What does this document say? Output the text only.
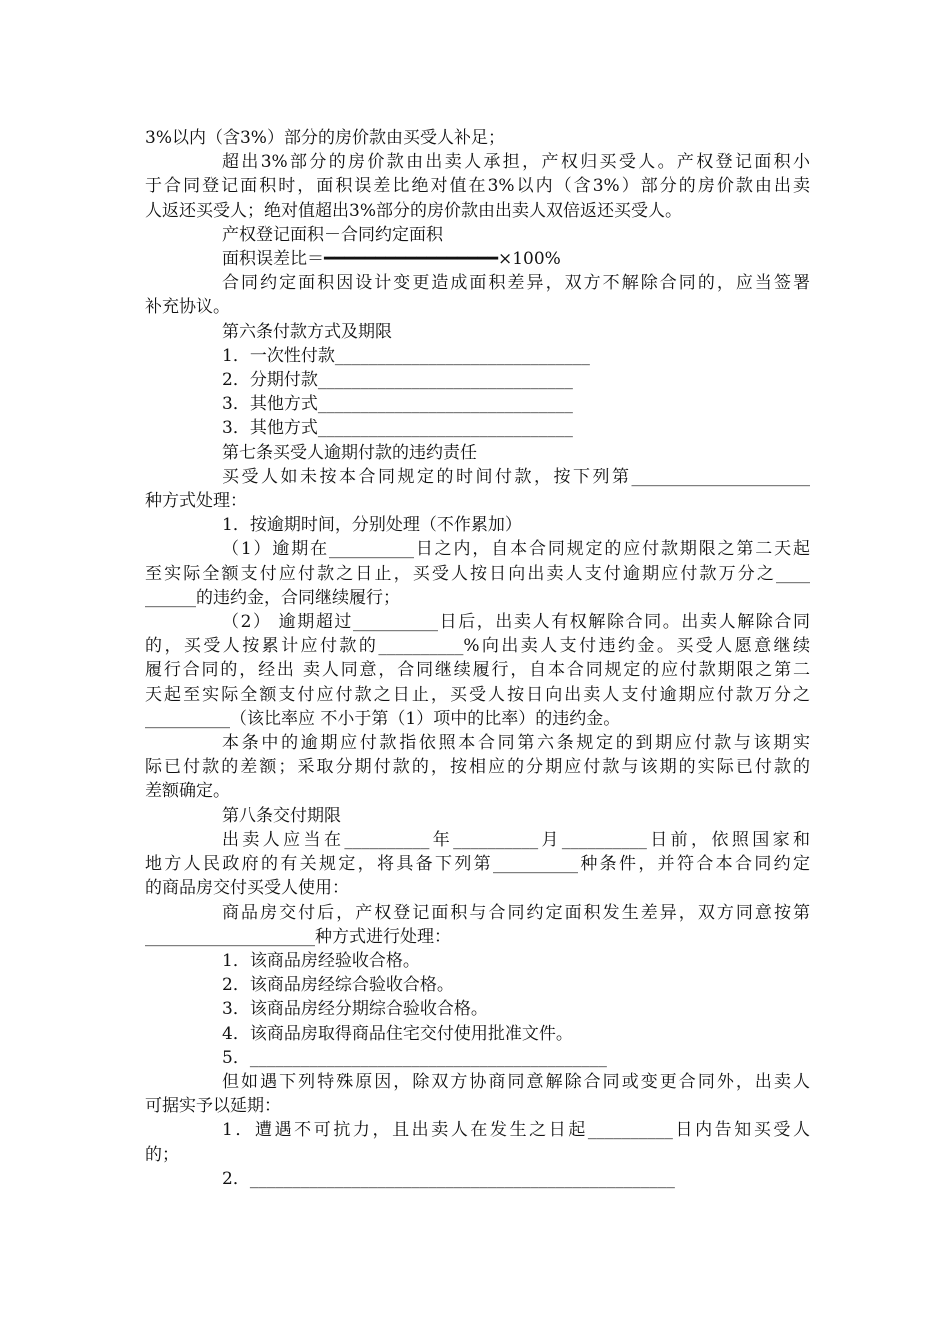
3%以内（含3%）部分的房价款由买受人补足；
超出3%部分的房价款由出卖人承担，产权归买受人。产权登记面积小
于合同登记面积时，面积误差比绝对值在3%以内（含3%）部分的房价款由出卖
人返还买受人；绝对值超出3%部分的房价款由出卖人双倍返还买受人。
产权登记面积－合同约定面积
面积误差比＝━━━━━━━━━━━━━━━━━×100%
合同约定面积因设计变更造成面积差异，双方不解除合同的，应当签署
补充协议。
第六条付款方式及期限
1．一次性付款______________________________
2．分期付款______________________________
3．其他方式______________________________
3．其他方式______________________________
第七条买受人逾期付款的违约责任
买受人如未按本合同规定的时间付款，按下列第_____________________
种方式处理：
1．按逾期时间，分别处理（不作累加）
（1）逾期在__________日之内，自本合同规定的应付款期限之第二天起
至实际全额支付应付款之日止，买受人按日向出卖人支付逾期应付款万分之____
______的违约金，合同继续履行；
（2） 逾期超过__________日后，出卖人有权解除合同。出卖人解除合同
的，买受人按累计应付款的__________%向出卖人支付违约金。买受人愿意继续
履行合同的，经出 卖人同意，合同继续履行，自本合同规定的应付款期限之第二
天起至实际全额支付应付款之日止，买受人按日向出卖人支付逾期应付款万分之
__________（该比率应 不小于第（1）项中的比率）的违约金。
本条中的逾期应付款指依照本合同第六条规定的到期应付款与该期实
际已付款的差额；采取分期付款的，按相应的分期应付款与该期的实际已付款的
差额确定。
第八条交付期限
出卖人应当在__________年__________月__________日前，依照国家和
地方人民政府的有关规定，将具备下列第__________种条件，并符合本合同约定
的商品房交付买受人使用：
商品房交付后，产权登记面积与合同约定面积发生差异，双方同意按第
____________________种方式进行处理：
1．该商品房经验收合格。
2．该商品房经综合验收合格。
3．该商品房经分期综合验收合格。
4．该商品房取得商品住宅交付使用批准文件。
5．__________________________________________
但如遇下列特殊原因，除双方协商同意解除合同或变更合同外，出卖人
可据实予以延期：
1．遭遇不可抗力，且出卖人在发生之日起__________日内告知买受人
的；
2．__________________________________________________
